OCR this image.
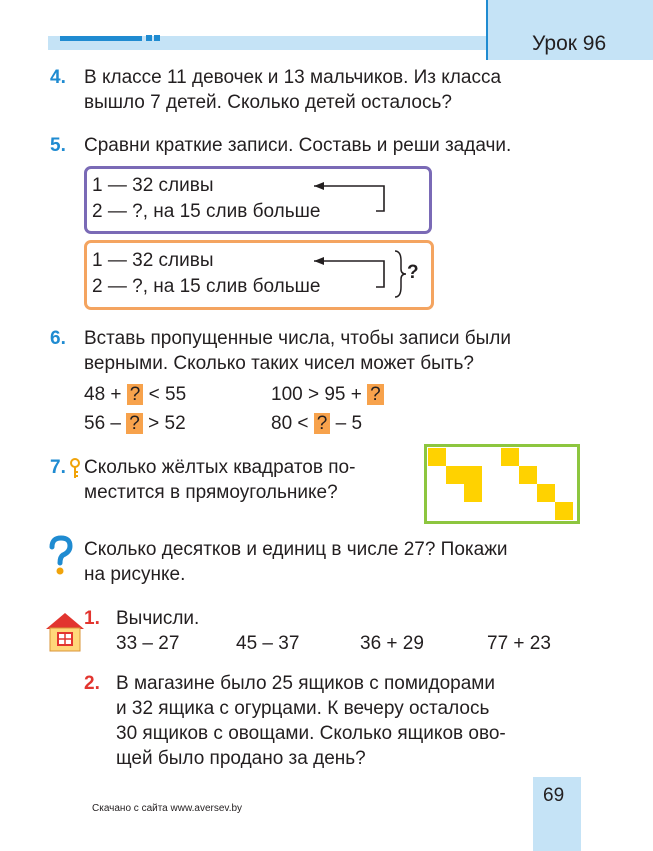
Урок 96
4. В классе 11 девочек и 13 мальчиков. Из класса
вышло 7 детей. Сколько детей осталось?
5. Сравни краткие записи. Составь и реши задачи.
1 — 32 сливы
2 — ?, на 15 слив больше
1 — 32 сливы
2 — ?, на 15 слив больше
?
6. Вставь пропущенные числа, чтобы записи были
верными. Сколько таких чисел может быть?
48 + ? < 55	100 > 95 + ?
56 – ? > 52	80 < ? – 5
7. Сколько жёлтых квадратов по-
местится в прямоугольнике?
Сколько десятков и единиц в числе 27? Покажи
на рисунке.
1. Вычисли.
33 – 27	45 – 37	36 + 29	77 + 23
2. В магазине было 25 ящиков с помидорами
и 32 ящика с огурцами. К вечеру осталось
30 ящиков с овощами. Сколько ящиков ово-
щей было продано за день?
Скачано с сайта www.aversev.by
69
